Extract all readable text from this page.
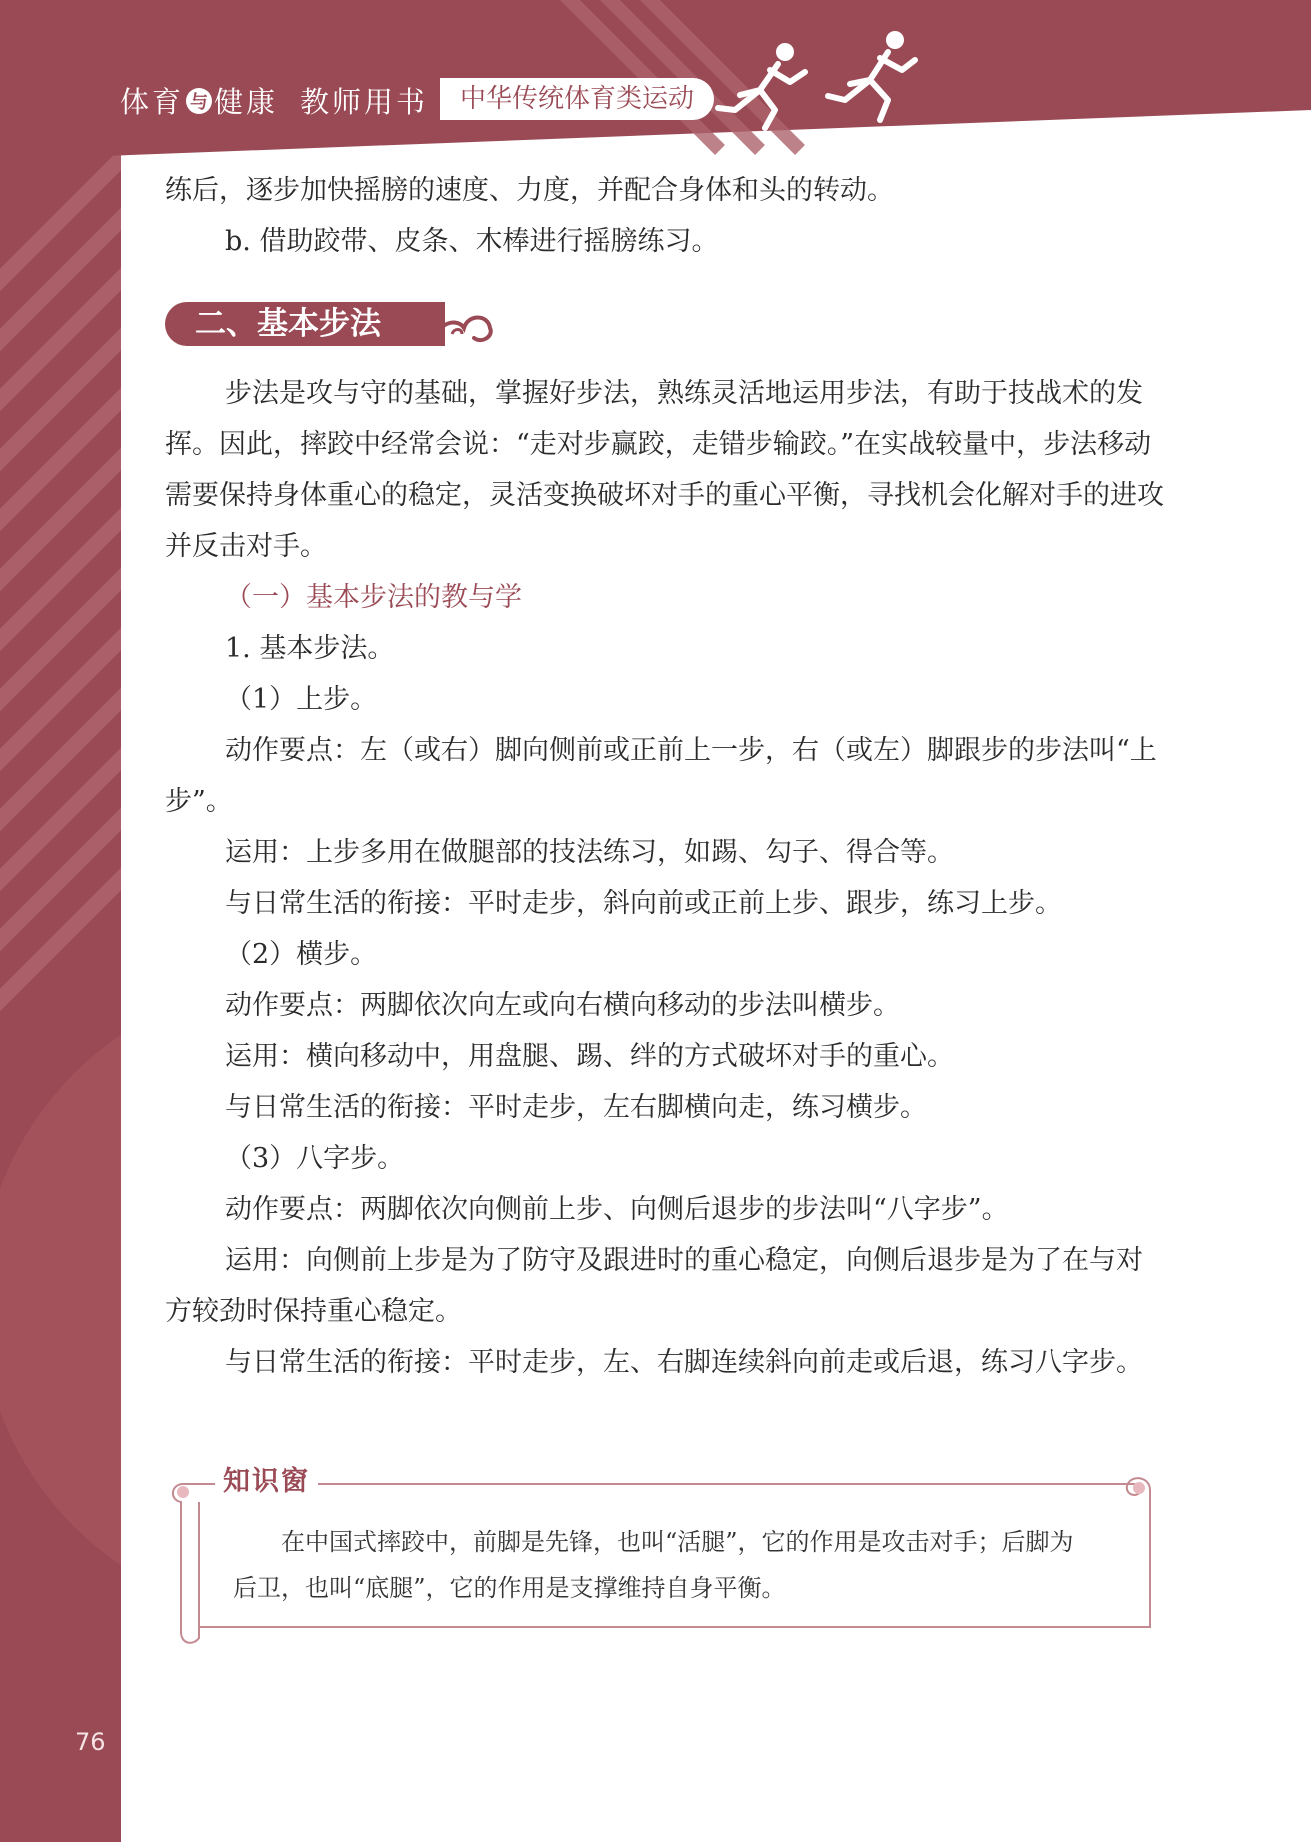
体育 与 健康 教师用书	中华传统体育类运动

练后，逐步加快摇膀的速度、力度，并配合身体和头的转动。

b. 借助跤带、皮条、木棒进行摇膀练习。

二、基本步法

步法是攻与守的基础，掌握好步法，熟练灵活地运用步法，有助于技战术的发挥。因此，摔跤中经常会说：“走对步赢跤，走错步输跤。”在实战较量中，步法移动需要保持身体重心的稳定，灵活变换破坏对手的重心平衡，寻找机会化解对手的进攻并反击对手。

（一）基本步法的教与学

1. 基本步法。

（1）上步。

动作要点：左（或右）脚向侧前或正前上一步，右（或左）脚跟步的步法叫“上步”。

运用：上步多用在做腿部的技法练习，如踢、勾子、得合等。

与日常生活的衔接：平时走步，斜向前或正前上步、跟步，练习上步。

（2）横步。

动作要点：两脚依次向左或向右横向移动的步法叫横步。

运用：横向移动中，用盘腿、踢、绊的方式破坏对手的重心。

与日常生活的衔接：平时走步，左右脚横向走，练习横步。

（3）八字步。

动作要点：两脚依次向侧前上步、向侧后退步的步法叫“八字步”。

运用：向侧前上步是为了防守及跟进时的重心稳定，向侧后退步是为了在与对方较劲时保持重心稳定。

与日常生活的衔接：平时走步，左、右脚连续斜向前走或后退，练习八字步。

知识窗

在中国式摔跤中，前脚是先锋，也叫“活腿”，它的作用是攻击对手；后脚为后卫，也叫“底腿”，它的作用是支撑维持自身平衡。

76
